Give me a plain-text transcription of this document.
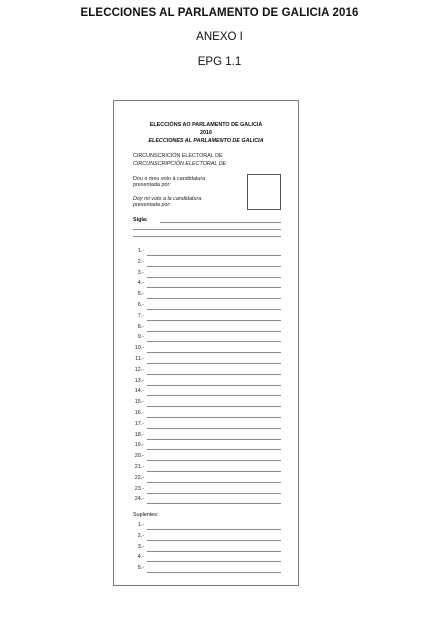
ELECCIONES AL PARLAMENTO DE GALICIA 2016
ANEXO I
EPG 1.1
ELECCIÓNS AO PARLAMENTO DE GALICIA
2016
ELECCIONES AL PARLAMENTO DE GALICIA
CIRCUNSCRICIÓN ELECTORAL DE
CIRCUNSCRIPCIÓN ELECTORAL DE
Dou o meu voto á candidatura presentada por:
Doy mi voto a la candidatura presentada por:
Sigla:
1.-
2.-
3.-
4.-
5.-
6.-
7.-
8.-
9.-
10.-
11.-
12.-
13.-
14.-
15.-
16.-
17.-
18.-
19.-
20.-
21.-
22.-
23.-
24.-
Suplentes:
1.-
2.-
3.-
4.-
5.-
